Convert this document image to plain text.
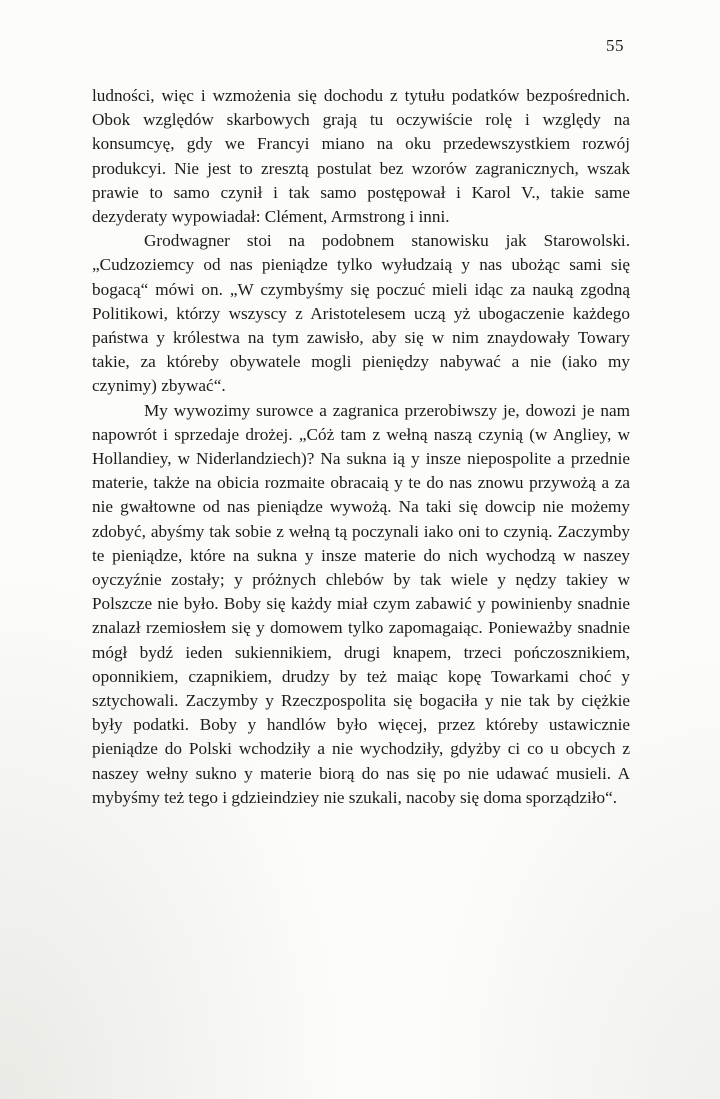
55

ludności, więc i wzmożenia się dochodu z tytułu podatków bezpośrednich. Obok względów skarbowych grają tu oczywiście rolę i względy na konsumcyę, gdy we Francyi miano na oku przedewszystkiem rozwój produkcyi. Nie jest to zresztą postulat bez wzorów zagranicznych, wszak prawie to samo czynił i tak samo postępował i Karol V., takie same dezyderaty wypowiadał: Clément, Armstrong i inni.

Grodwagner stoi na podobnem stanowisku jak Starowolski. „Cudzoziemcy od nas pieniądze tylko wyłudzaią y nas ubożąc sami się bogacą“ mówi on. „W czymbyśmy się poczuć mieli idąc za nauką zgodną Politikowi, którzy wszyscy z Aristotelesem uczą yż ubogaczenie każdego państwa y królestwa na tym zawisło, aby się w nim znaydowały Towary takie, za którеby obywatele mogli pieniędzy nabywać a nie (iako my czynimy) zbywać“.

My wywozimy surowce a zagranica przerobiwszy je, dowozi je nam napowrót i sprzedaje drożej. „Cóż tam z wełną naszą czynią (w Angliey, w Hollandiey, w Niderlandziech)? Na sukna ią y insze niepospolite a przednie materie, także na obicia rozmaite obracaią y te do nas znowu przywożą a za nie gwałtowne od nas pieniądze wywożą. Na taki się dowcip nie możemy zdobyć, abyśmy tak sobie z wełną tą poczynali iako oni to czynią. Zaczymby te pieniądze, które na sukna y insze materie do nich wychodzą w naszey oyczyźnie zostały; y próżnych chlebów by tak wiele y nędzy takiey w Polszcze nie było. Boby się każdy miał czym zabawić y powinienby snadnie znalazł rzemiosłem się y domowem tylko zapomagaiąc. Ponieważby snadnie mógł bydź ieden sukiennikiem, drugi knapem, trzeci pończosznikiem, oponnikiem, czapnikiem, drudzy by też maiąc kopę Towarkami choć y sztychowali. Zaczymby y Rzeczpospolita się bogaciła y nie tak by ciężkie były podatki. Boby y handlów było więcej, przez któreby ustawicznie pieniądze do Polski wchodziły a nie wychodziły, gdyżby ci co u obcych z naszey wełny sukno y materie biorą do nas się po nie udawać musieli. A mybyśmy też tego i gdzieindziey nie szukali, nacoby się doma sporządziło“.
